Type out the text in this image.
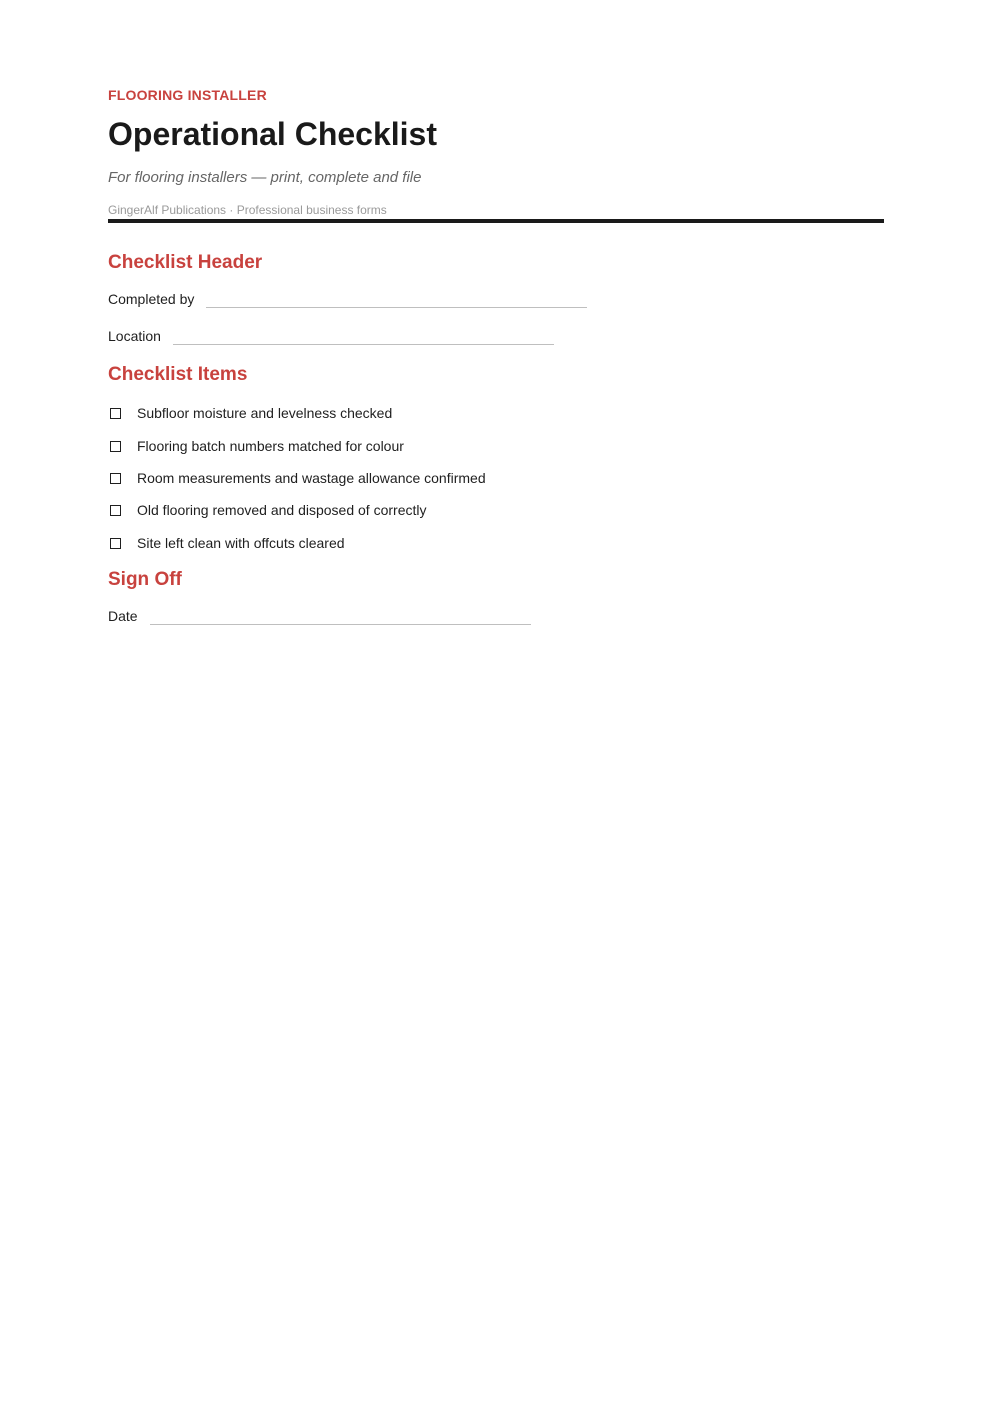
FLOORING INSTALLER
Operational Checklist
For flooring installers — print, complete and file
GingerAlf Publications · Professional business forms
Checklist Header
Completed by
Location
Checklist Items
Subfloor moisture and levelness checked
Flooring batch numbers matched for colour
Room measurements and wastage allowance confirmed
Old flooring removed and disposed of correctly
Site left clean with offcuts cleared
Sign Off
Date
